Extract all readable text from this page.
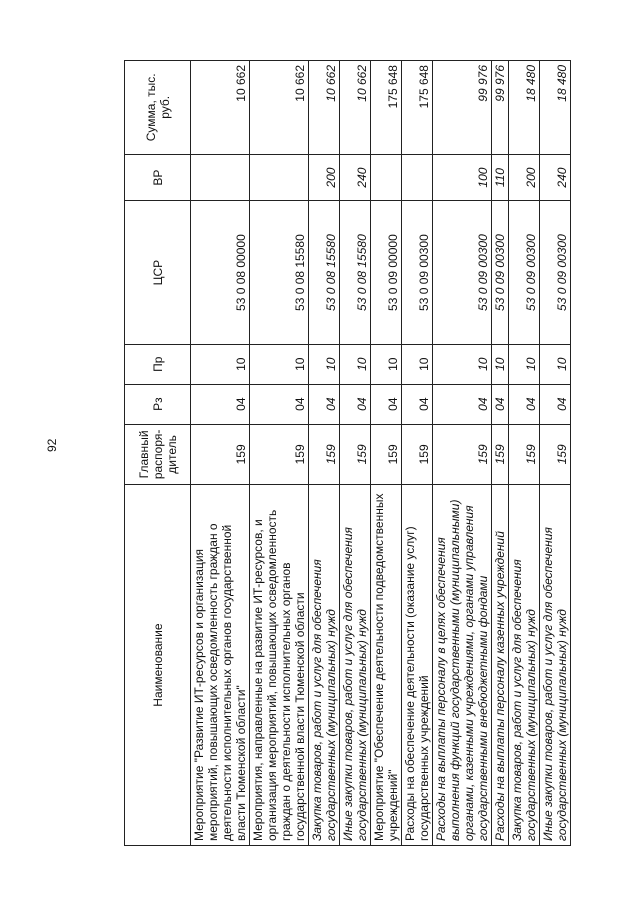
92
Наименование	Главный распоря-дитель	Рз	Пр	ЦСР	ВР	Сумма, тыс. руб.
Мероприятие "Развитие ИТ-ресурсов и организация мероприятий, повышающих осведомленность граждан о деятельности исполнительных органов государственной власти Тюменской области"	159	04	10	53 0 08 00000		10 662
Мероприятия, направленные на развитие ИТ-ресурсов, и организация мероприятий, повышающих осведомленность граждан о деятельности исполнительных органов государственной власти Тюменской области	159	04	10	53 0 08 15580		10 662
Закупка товаров, работ и услуг для обеспечения государственных (муниципальных) нужд	159	04	10	53 0 08 15580	200	10 662
Иные закупки товаров, работ и услуг для обеспечения государственных (муниципальных) нужд	159	04	10	53 0 08 15580	240	10 662
Мероприятие "Обеспечение деятельности подведомственных учреждений"	159	04	10	53 0 09 00000		175 648
Расходы на обеспечение деятельности (оказание услуг) государственных учреждений	159	04	10	53 0 09 00300		175 648
Расходы на выплаты персоналу в целях обеспечения выполнения функций государственными (муниципальными) органами, казенными учреждениями, органами управления государственными внебюджетными фондами	159	04	10	53 0 09 00300	100	99 976
Расходы на выплаты персоналу казенных учреждений	159	04	10	53 0 09 00300	110	99 976
Закупка товаров, работ и услуг для обеспечения государственных (муниципальных) нужд	159	04	10	53 0 09 00300	200	18 480
Иные закупки товаров, работ и услуг для обеспечения государственных (муниципальных) нужд	159	04	10	53 0 09 00300	240	18 480
